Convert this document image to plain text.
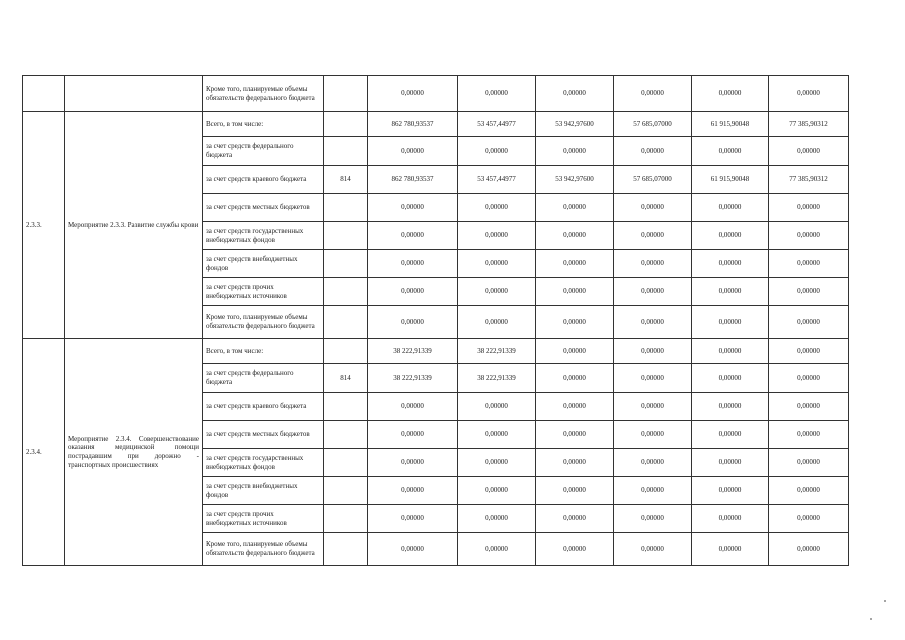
		Кроме того, планируемые объемы обязательств федерального бюджета		0,00000	0,00000	0,00000	0,00000	0,00000	0,00000
2.3.3.	Мероприятие 2.3.3. Развитие службы крови	Всего, в том числе:		862 780,93537	53 457,44977	53 942,97600	57 685,07000	61 915,90048	77 385,90312
		за счет средств федерального бюджета		0,00000	0,00000	0,00000	0,00000	0,00000	0,00000
		за счет средств краевого бюджета	814	862 780,93537	53 457,44977	53 942,97600	57 685,07000	61 915,90048	77 385,90312
		за счет средств местных бюджетов		0,00000	0,00000	0,00000	0,00000	0,00000	0,00000
		за счет средств государственных внебюджетных фондов		0,00000	0,00000	0,00000	0,00000	0,00000	0,00000
		за счет средств внебюджетных фондов		0,00000	0,00000	0,00000	0,00000	0,00000	0,00000
		за счет средств прочих внебюджетных источников		0,00000	0,00000	0,00000	0,00000	0,00000	0,00000
		Кроме того, планируемые объемы обязательств федерального бюджета		0,00000	0,00000	0,00000	0,00000	0,00000	0,00000
2.3.4.	Мероприятие 2.3.4. Совершенствование оказания медицинской помощи пострадавшим при дорожно - транспортных происшествиях	Всего, в том числе:		38 222,91339	38 222,91339	0,00000	0,00000	0,00000	0,00000
		за счет средств федерального бюджета	814	38 222,91339	38 222,91339	0,00000	0,00000	0,00000	0,00000
		за счет средств краевого бюджета		0,00000	0,00000	0,00000	0,00000	0,00000	0,00000
		за счет средств местных бюджетов		0,00000	0,00000	0,00000	0,00000	0,00000	0,00000
		за счет средств государственных внебюджетных фондов		0,00000	0,00000	0,00000	0,00000	0,00000	0,00000
		за счет средств внебюджетных фондов		0,00000	0,00000	0,00000	0,00000	0,00000	0,00000
		за счет средств прочих внебюджетных источников		0,00000	0,00000	0,00000	0,00000	0,00000	0,00000
		Кроме того, планируемые объемы обязательств федерального бюджета		0,00000	0,00000	0,00000	0,00000	0,00000	0,00000
